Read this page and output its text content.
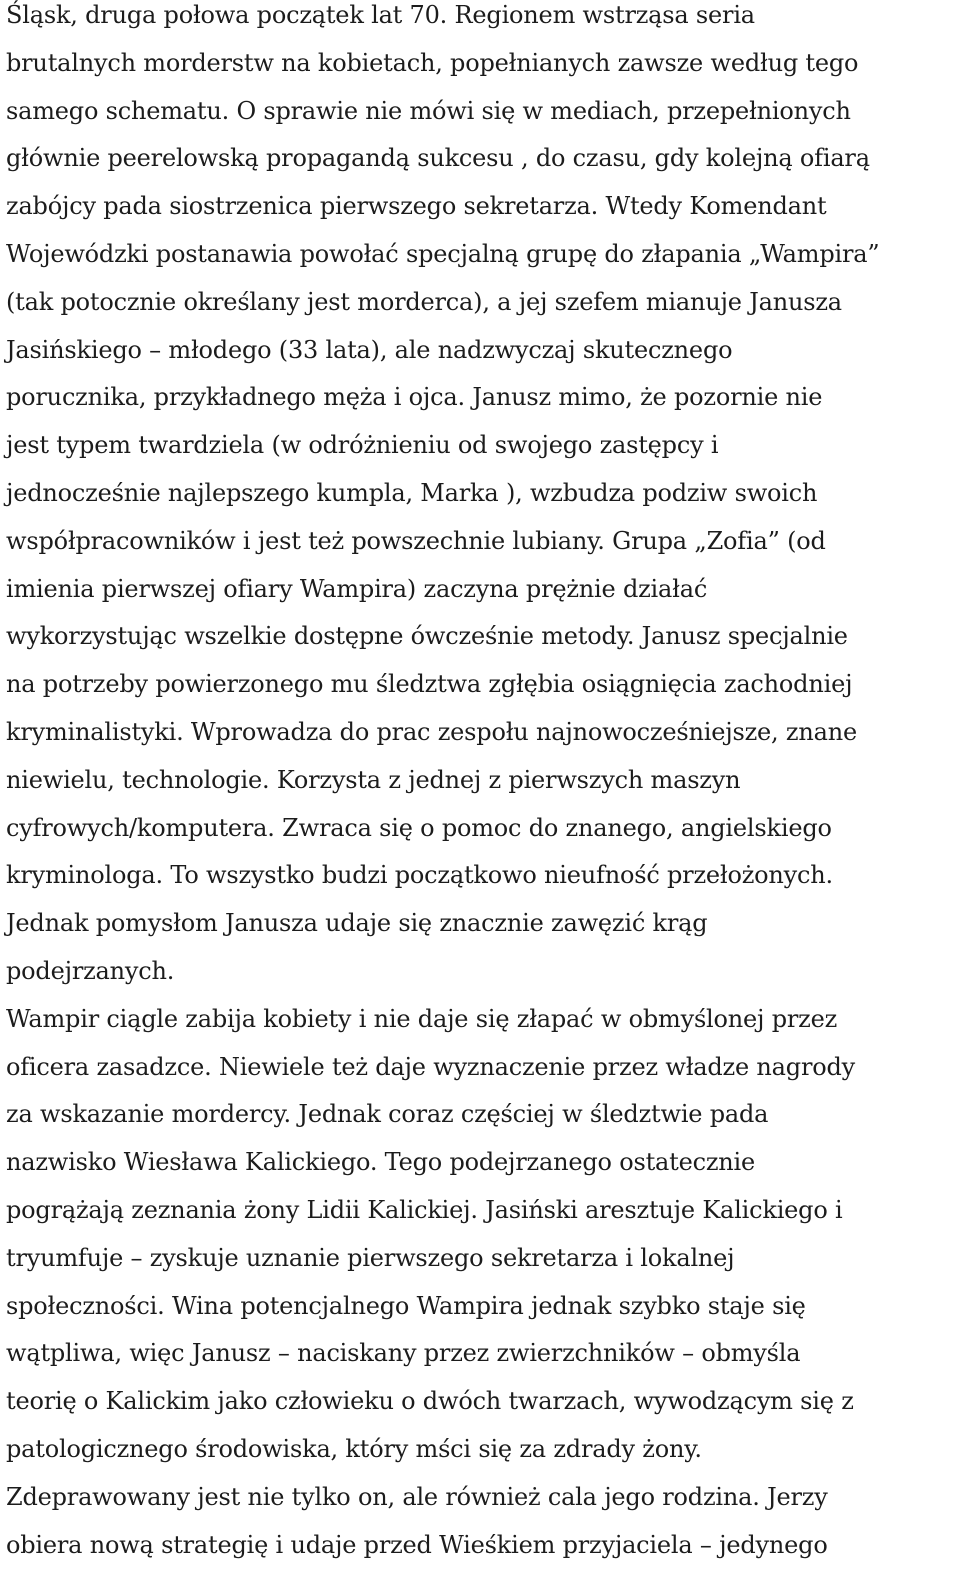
Śląsk, druga połowa początek lat 70. Regionem wstrząsa seria

brutalnych morderstw na kobietach, popełnianych zawsze według tego

samego schematu. O sprawie nie mówi się w mediach, przepełnionych

głównie peerelowską propagandą sukcesu , do czasu, gdy kolejną ofiarą

zabójcy pada siostrzenica pierwszego sekretarza. Wtedy Komendant

Wojewódzki postanawia powołać specjalną grupę do złapania „Wampira”

(tak potocznie określany jest morderca), a jej szefem mianuje Janusza

Jasińskiego – młodego (33 lata), ale nadzwyczaj skutecznego

porucznika, przykładnego męża i ojca. Janusz mimo, że pozornie nie

jest typem twardziela (w odróżnieniu od swojego zastępcy i

jednocześnie najlepszego kumpla, Marka ), wzbudza podziw swoich

współpracowników i jest też powszechnie lubiany. Grupa „Zofia” (od

imienia pierwszej ofiary Wampira) zaczyna prężnie działać

wykorzystując wszelkie dostępne ówcześnie metody. Janusz specjalnie

na potrzeby powierzonego mu śledztwa zgłębia osiągnięcia zachodniej

kryminalistyki. Wprowadza do prac zespołu najnowocześniejsze, znane

niewielu, technologie. Korzysta z jednej z pierwszych maszyn

cyfrowych/komputera. Zwraca się o pomoc do znanego, angielskiego

kryminologa. To wszystko budzi początkowo nieufność przełożonych.

Jednak pomysłom Janusza udaje się znacznie zawęzić krąg

podejrzanych.

Wampir ciągle zabija kobiety i nie daje się złapać w obmyślonej przez

oficera zasadzce. Niewiele też daje wyznaczenie przez władze nagrody

za wskazanie mordercy. Jednak coraz częściej w śledztwie pada

nazwisko Wiesława Kalickiego. Tego podejrzanego ostatecznie

pogrążają zeznania żony Lidii Kalickiej. Jasiński aresztuje Kalickiego i

tryumfuje – zyskuje uznanie pierwszego sekretarza i lokalnej

społeczności. Wina potencjalnego Wampira jednak szybko staje się

wątpliwa, więc Janusz – naciskany przez zwierzchników – obmyśla

teorię o Kalickim jako człowieku o dwóch twarzach, wywodzącym się z

patologicznego środowiska, który mści się za zdrady żony.

Zdeprawowany jest nie tylko on, ale również cala jego rodzina. Jerzy

obiera nową strategię i udaje przed Wieśkiem przyjaciela – jedynego
